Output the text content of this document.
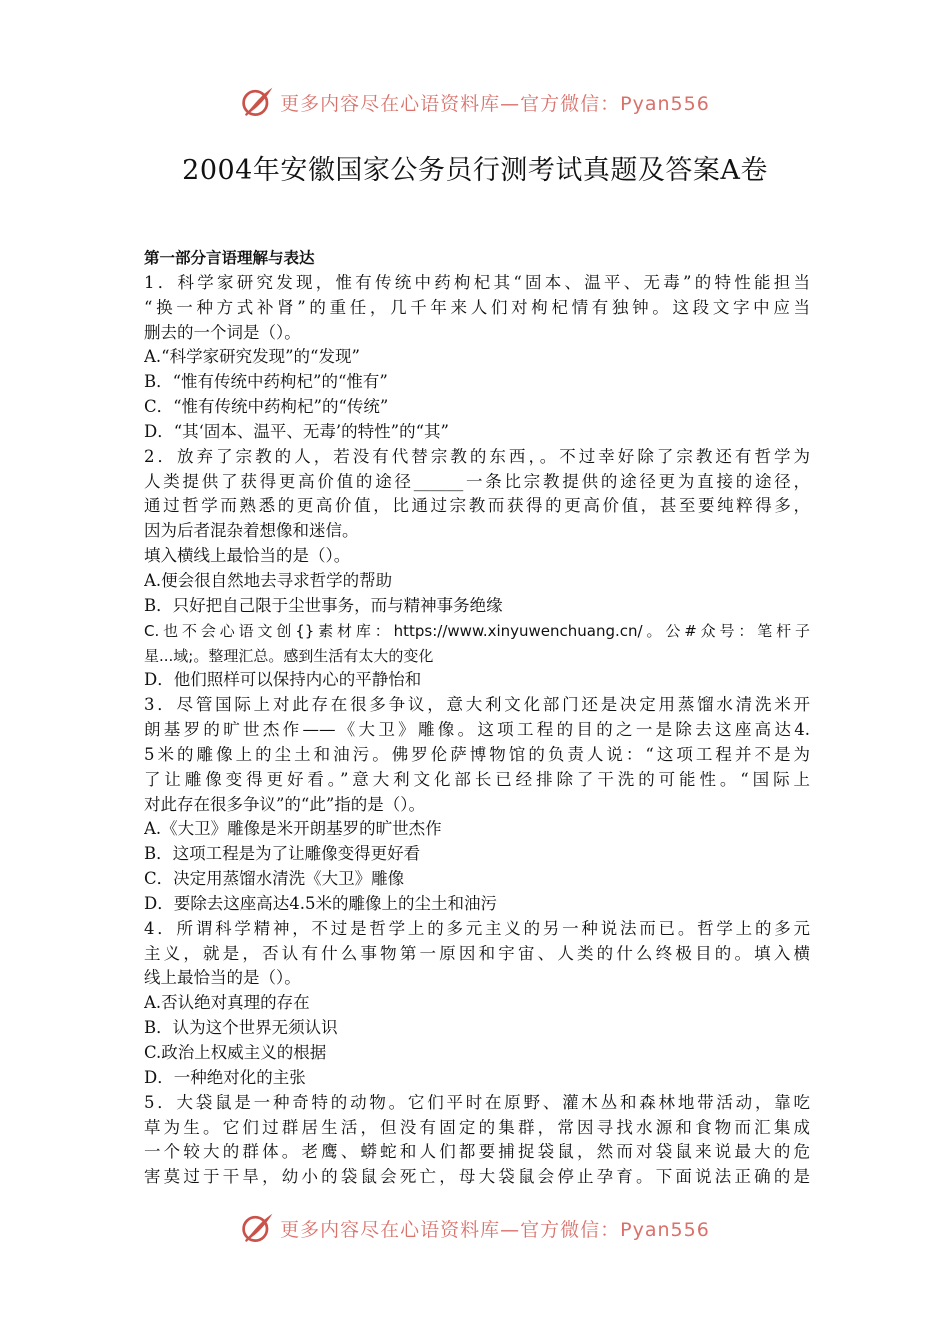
更多内容尽在心语资料库—官方微信：Pyan556
2004年安徽国家公务员行测考试真题及答案A卷
第一部分言语理解与表达
1．科学家研究发现，惟有传统中药枸杞其“固本、温平、无毒”的特性能担当
“换一种方式补肾”的重任，几千年来人们对枸杞情有独钟。这段文字中应当
删去的一个词是（）。
A.“科学家研究发现”的“发现”
B．“惟有传统中药枸杞”的“惟有”
C．“惟有传统中药枸杞”的“传统”
D．“其‘固本、温平、无毒’的特性”的“其”
2．放弃了宗教的人，若没有代替宗教的东西，。不过幸好除了宗教还有哲学为
人类提供了获得更高价值的途径______一条比宗教提供的途径更为直接的途径，
通过哲学而熟悉的更高价值，比通过宗教而获得的更高价值，甚至要纯粹得多，
因为后者混杂着想像和迷信。
填入横线上最恰当的是（）。
A.便会很自然地去寻求哲学的帮助
B．只好把自己限于尘世事务，而与精神事务绝缘
C.也不会心语文创{}素材库：https://www.xinyuwenchuang.cn/。公#众号：笔杆子
星...域;。整理汇总。感到生活有太大的变化
D．他们照样可以保持内心的平静怡和
3．尽管国际上对此存在很多争议，意大利文化部门还是决定用蒸馏水清洗米开
朗基罗的旷世杰作——《大卫》雕像。这项工程的目的之一是除去这座高达4.
5米的雕像上的尘土和油污。佛罗伦萨博物馆的负责人说：“这项工程并不是为
了让雕像变得更好看。”意大利文化部长已经排除了干洗的可能性。“国际上
对此存在很多争议”的“此”指的是（）。
A.《大卫》雕像是米开朗基罗的旷世杰作
B．这项工程是为了让雕像变得更好看
C．决定用蒸馏水清洗《大卫》雕像
D．要除去这座高达4.5米的雕像上的尘土和油污
4．所谓科学精神，不过是哲学上的多元主义的另一种说法而已。哲学上的多元
主义，就是，否认有什么事物第一原因和宇宙、人类的什么终极目的。填入横
线上最恰当的是（）。
A.否认绝对真理的存在
B．认为这个世界无须认识
C.政治上权威主义的根据
D．一种绝对化的主张
5．大袋鼠是一种奇特的动物。它们平时在原野、灌木丛和森林地带活动，靠吃
草为生。它们过群居生活，但没有固定的集群，常因寻找水源和食物而汇集成
一个较大的群体。老鹰、蟒蛇和人们都要捕捉袋鼠，然而对袋鼠来说最大的危
害莫过于干旱，幼小的袋鼠会死亡，母大袋鼠会停止孕育。下面说法正确的是
更多内容尽在心语资料库—官方微信：Pyan556
